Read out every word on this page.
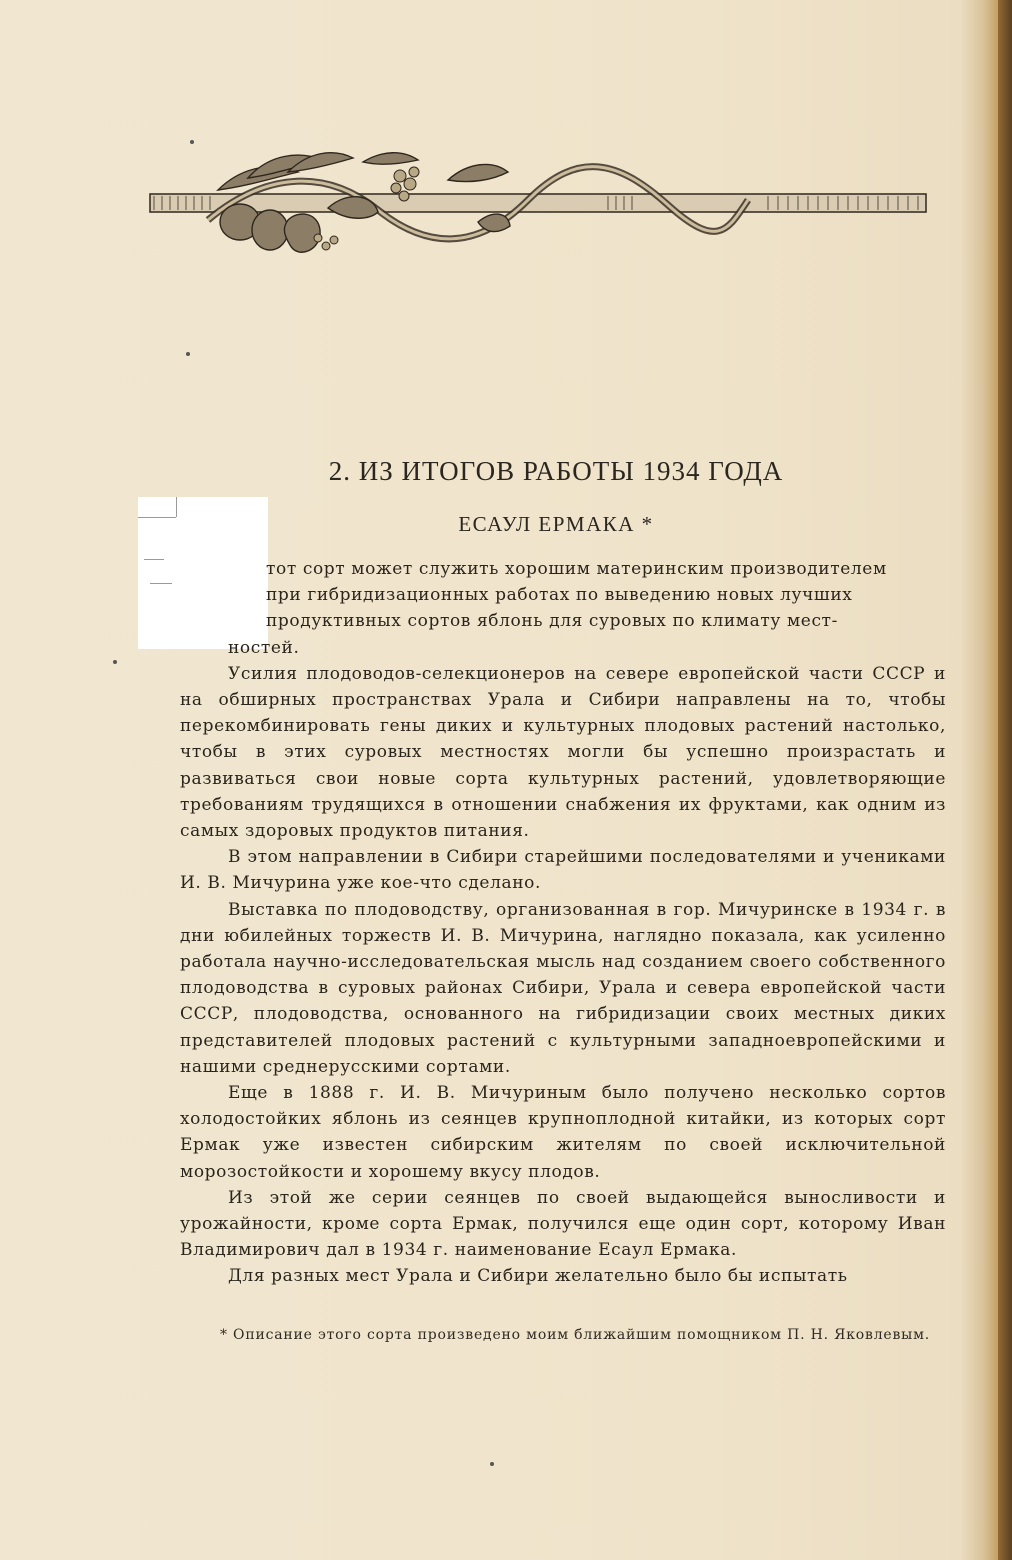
2. ИЗ ИТОГОВ РАБОТЫ 1934 ГОДА
ЕСАУЛ ЕРМАКА *
тот сорт может служить хорошим материнским производителем
при гибридизационных работах по выведению новых лучших
продуктивных сортов яблонь для суровых по климату мест-

ностей.

Усилия плодоводов-селекционеров на севере европейской части СССР и на обширных пространствах Урала и Сибири направлены на то, чтобы перекомбинировать гены диких и культурных плодовых растений настолько, чтобы в этих суровых местностях могли бы успешно произрастать и развиваться свои новые сорта культурных растений, удовлетворяющие требованиям трудящихся в отношении снабжения их фруктами, как одним из самых здоровых продуктов питания.

В этом направлении в Сибири старейшими последователями и учениками И. В. Мичурина уже кое-что сделано.

Выставка по плодоводству, организованная в гор. Мичуринске в 1934 г. в дни юбилейных торжеств И. В. Мичурина, наглядно показала, как усиленно работала научно-исследовательская мысль над созданием своего собственного плодоводства в суровых районах Сибири, Урала и севера европейской части СССР, плодоводства, основанного на гибридизации своих местных диких представителей плодовых растений с культурными западноевропейскими и нашими среднерусскими сортами.

Еще в 1888 г. И. В. Мичуриным было получено несколько сортов холодостойких яблонь из сеянцев крупноплодной китайки, из которых сорт Ермак уже известен сибирским жителям по своей исключительной морозостойкости и хорошему вкусу плодов.

Из этой же серии сеянцев по своей выдающейся выносливости и урожайности, кроме сорта Ермак, получился еще один сорт, которому Иван Владимирович дал в 1934 г. наименование Есаул Ермака.

Для разных мест Урала и Сибири желательно было бы испытать

* Описание этого сорта произведено моим ближайшим помощником П. Н. Яковлевым.
